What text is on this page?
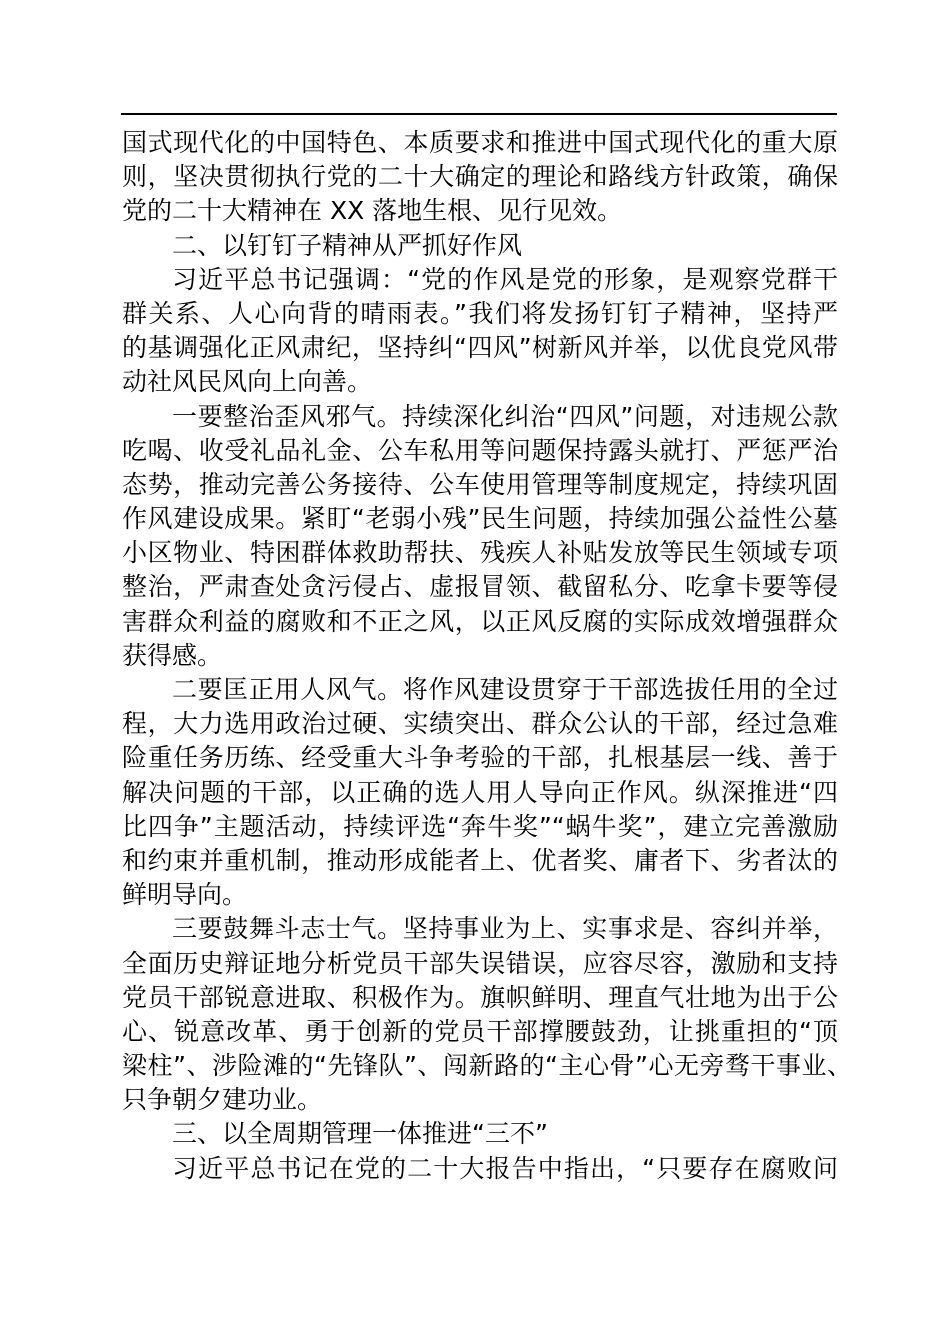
国式现代化的中国特色、本质要求和推进中国式现代化的重大原
则，坚决贯彻执行党的二十大确定的理论和路线方针政策，确保
党的二十大精神在 XX 落地生根、见行见效。
二、以钉钉子精神从严抓好作风
习近平总书记强调：“党的作风是党的形象，是观察党群干
群关系、人心向背的晴雨表。”我们将发扬钉钉子精神，坚持严
的基调强化正风肃纪，坚持纠“四风”树新风并举，以优良党风带
动社风民风向上向善。
一要整治歪风邪气。持续深化纠治“四风”问题，对违规公款
吃喝、收受礼品礼金、公车私用等问题保持露头就打、严惩严治
态势，推动完善公务接待、公车使用管理等制度规定，持续巩固
作风建设成果。紧盯“老弱小残”民生问题，持续加强公益性公墓
小区物业、特困群体救助帮扶、残疾人补贴发放等民生领域专项
整治，严肃查处贪污侵占、虚报冒领、截留私分、吃拿卡要等侵
害群众利益的腐败和不正之风，以正风反腐的实际成效增强群众
获得感。
二要匡正用人风气。将作风建设贯穿于干部选拔任用的全过
程，大力选用政治过硬、实绩突出、群众公认的干部，经过急难
险重任务历练、经受重大斗争考验的干部，扎根基层一线、善于
解决问题的干部，以正确的选人用人导向正作风。纵深推进“四
比四争”主题活动，持续评选“奔牛奖”“蜗牛奖”，建立完善激励
和约束并重机制，推动形成能者上、优者奖、庸者下、劣者汰的
鲜明导向。
三要鼓舞斗志士气。坚持事业为上、实事求是、容纠并举，
全面历史辩证地分析党员干部失误错误，应容尽容，激励和支持
党员干部锐意进取、积极作为。旗帜鲜明、理直气壮地为出于公
心、锐意改革、勇于创新的党员干部撑腰鼓劲，让挑重担的“顶
梁柱”、涉险滩的“先锋队”、闯新路的“主心骨”心无旁骛干事业、
只争朝夕建功业。
三、以全周期管理一体推进“三不”
习近平总书记在党的二十大报告中指出，“只要存在腐败问
